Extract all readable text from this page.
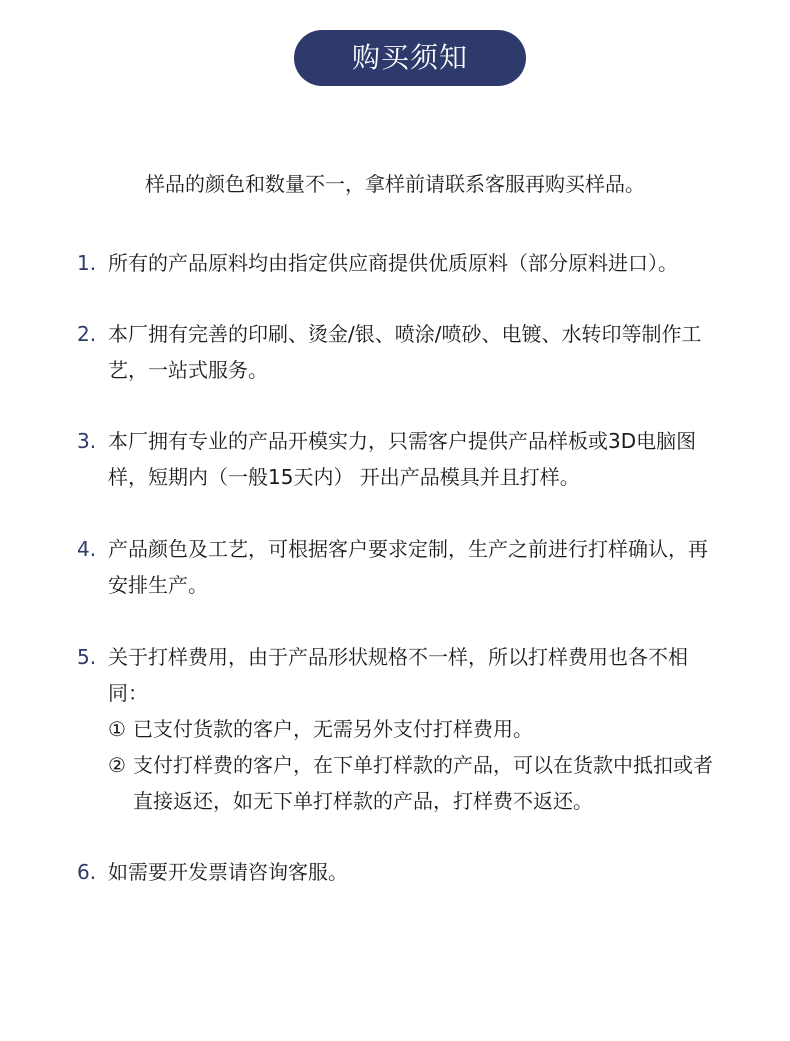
购买须知
样品的颜色和数量不一，拿样前请联系客服再购买样品。
1. 所有的产品原料均由指定供应商提供优质原料（部分原料进口）。
2. 本厂拥有完善的印刷、烫金/银、喷涂/喷砂、电镀、水转印等制作工艺，一站式服务。
3. 本厂拥有专业的产品开模实力，只需客户提供产品样板或3D电脑图样，短期内（一般15天内） 开出产品模具并且打样。
4. 产品颜色及工艺，可根据客户要求定制，生产之前进行打样确认，再安排生产。
5. 关于打样费用，由于产品形状规格不一样，所以打样费用也各不相同：
① 已支付货款的客户，无需另外支付打样费用。
② 支付打样费的客户，在下单打样款的产品，可以在货款中抵扣或者直接返还，如无下单打样款的产品，打样费不返还。
6. 如需要开发票请咨询客服。
